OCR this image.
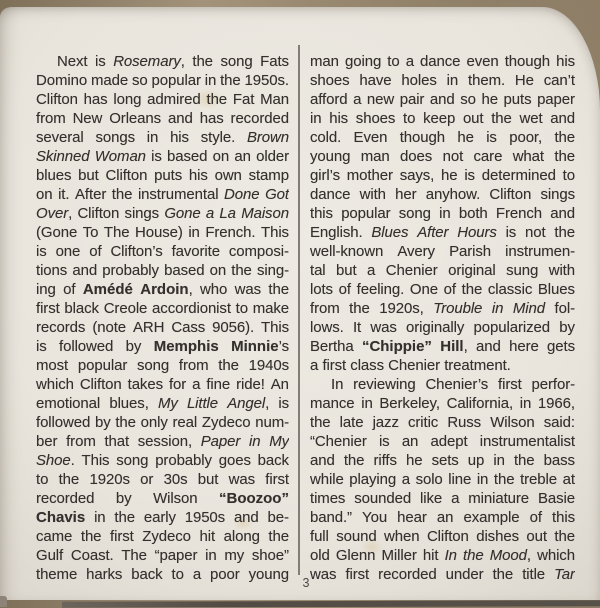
Next is Rosemary, the song Fats
Domino made so popular in the 1950s.
Clifton has long admired the Fat Man
from New Orleans and has recorded
several songs in his style. Brown
Skinned Woman is based on an older
blues but Clifton puts his own stamp
on it. After the instrumental Done Got
Over, Clifton sings Gone a La Maison
(Gone To The House) in French. This
is one of Clifton’s favorite composi-
tions and probably based on the sing-
ing of Amédé Ardoin, who was the
first black Creole accordionist to make
records (note ARH Cass 9056). This
is followed by Memphis Minnie’s
most popular song from the 1940s
which Clifton takes for a fine ride! An
emotional blues, My Little Angel, is
followed by the only real Zydeco num-
ber from that session, Paper in My
Shoe. This song probably goes back
to the 1920s or 30s but was first
recorded by Wilson “Boozoo”
Chavis in the early 1950s and be-
came the first Zydeco hit along the
Gulf Coast. The “paper in my shoe”
theme harks back to a poor young
man going to a dance even though his
shoes have holes in them. He can’t
afford a new pair and so he puts paper
in his shoes to keep out the wet and
cold. Even though he is poor, the
young man does not care what the
girl’s mother says, he is determined to
dance with her anyhow. Clifton sings
this popular song in both French and
English. Blues After Hours is not the
well-known Avery Parish instrumen-
tal but a Chenier original sung with
lots of feeling. One of the classic Blues
from the 1920s, Trouble in Mind fol-
lows. It was originally popularized by
Bertha “Chippie” Hill, and here gets
a first class Chenier treatment.
In reviewing Chenier’s first perfor-
mance in Berkeley, California, in 1966,
the late jazz critic Russ Wilson said:
“Chenier is an adept instrumentalist
and the riffs he sets up in the bass
while playing a solo line in the treble at
times sounded like a miniature Basie
band.” You hear an example of this
full sound when Clifton dishes out the
old Glenn Miller hit In the Mood, which
was first recorded under the title Tar
3
